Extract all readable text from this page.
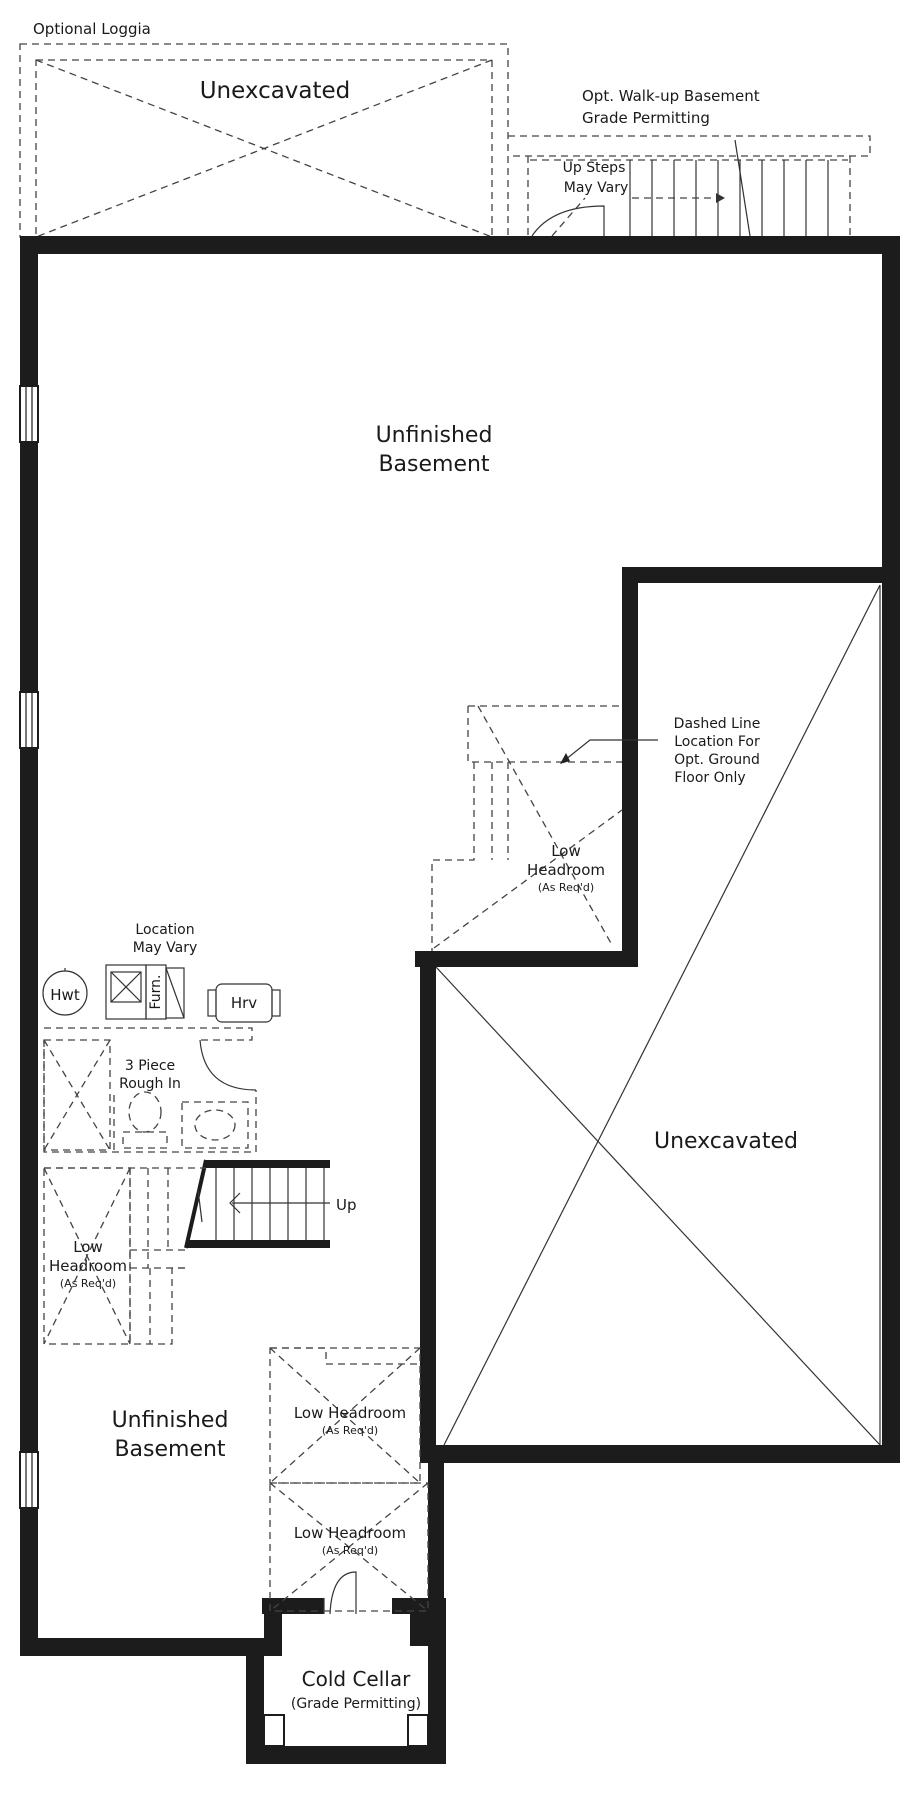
Optional Loggia
Unexcavated	Opt. Walk-up Basement
Grade Permitting
Up Steps
May Vary
Unfinished
Basement
Dashed Line
Location For
Opt. Ground
Floor Only
Low
Headroom
(As Req'd)
Location
May Vary
Hwt	Furn.	Hrv
3 Piece
Rough In
Up
Low
Headroom
(As Req'd)
Unexcavated
Unfinished
Basement
Low Headroom
(As Req'd)
Low Headroom
(As Req'd)
Cold Cellar
(Grade Permitting)
